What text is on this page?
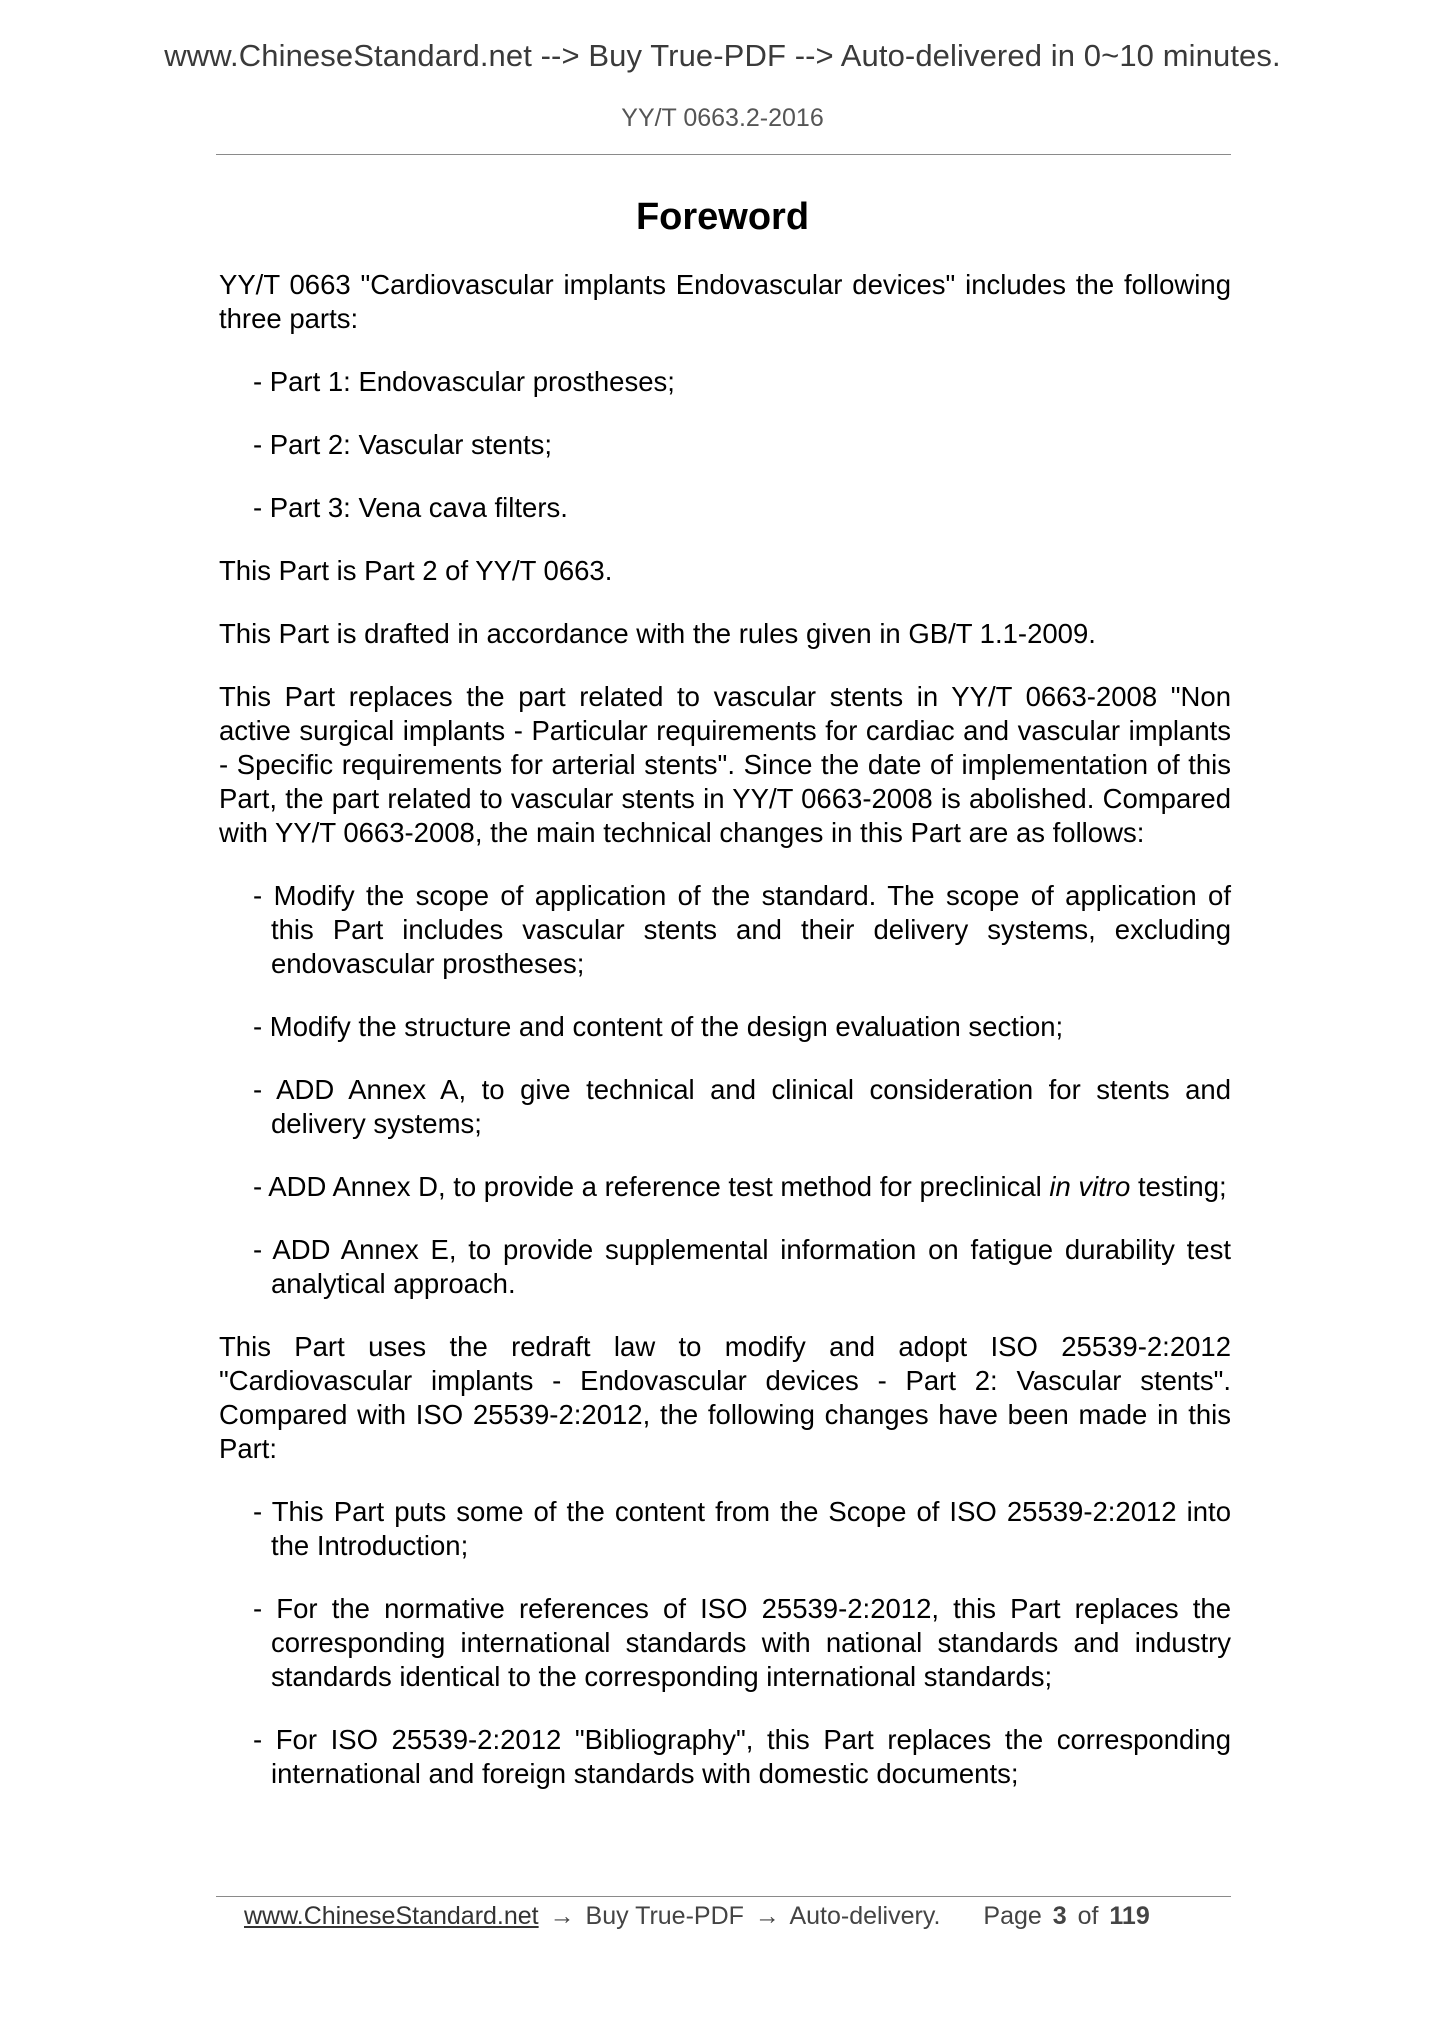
www.ChineseStandard.net --> Buy True-PDF --> Auto-delivered in 0~10 minutes.
YY/T 0663.2-2016
Foreword

YY/T 0663 "Cardiovascular implants Endovascular devices" includes the following three parts:

- Part 1: Endovascular prostheses;

- Part 2: Vascular stents;

- Part 3: Vena cava filters.

This Part is Part 2 of YY/T 0663.

This Part is drafted in accordance with the rules given in GB/T 1.1-2009.

This Part replaces the part related to vascular stents in YY/T 0663-2008 "Non active surgical implants - Particular requirements for cardiac and vascular implants - Specific requirements for arterial stents". Since the date of implementation of this Part, the part related to vascular stents in YY/T 0663-2008 is abolished. Compared with YY/T 0663-2008, the main technical changes in this Part are as follows:

- Modify the scope of application of the standard. The scope of application of this Part includes vascular stents and their delivery systems, excluding endovascular prostheses;

- Modify the structure and content of the design evaluation section;

- ADD Annex A, to give technical and clinical consideration for stents and delivery systems;

- ADD Annex D, to provide a reference test method for preclinical in vitro testing;

- ADD Annex E, to provide supplemental information on fatigue durability test analytical approach.

This Part uses the redraft law to modify and adopt ISO 25539-2:2012 "Cardiovascular implants - Endovascular devices - Part 2: Vascular stents". Compared with ISO 25539-2:2012, the following changes have been made in this Part:

- This Part puts some of the content from the Scope of ISO 25539-2:2012 into the Introduction;

- For the normative references of ISO 25539-2:2012, this Part replaces the corresponding international standards with national standards and industry standards identical to the corresponding international standards;

- For ISO 25539-2:2012 "Bibliography", this Part replaces the corresponding international and foreign standards with domestic documents;

www.ChineseStandard.net → Buy True-PDF → Auto-delivery. Page 3 of 119
